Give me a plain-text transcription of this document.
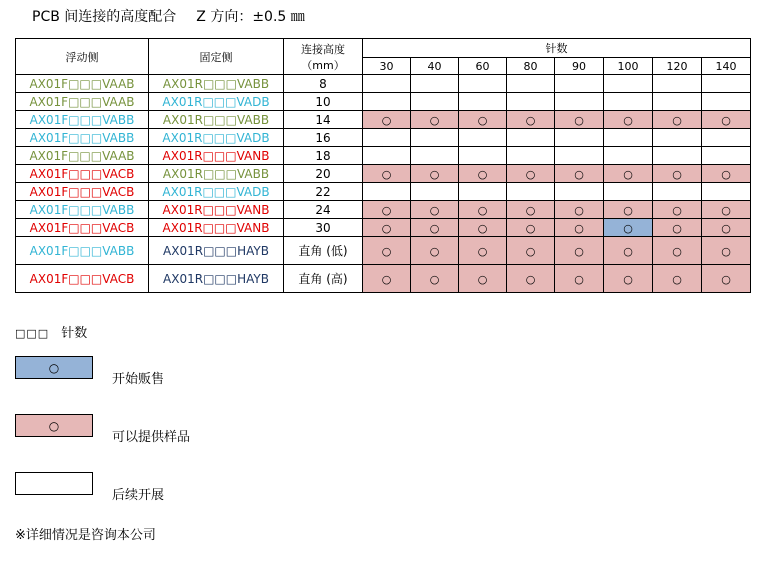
PCB 间连接的高度配合 Z 方向：±0.5 ㎜
浮动侧	固定侧	连接高度
（mm）	针数							
			30	40	60	80	90	100	120	140
AX01F□□□VAAB	AX01R□□□VABB	8								
AX01F□□□VAAB	AX01R□□□VADB	10								
AX01F□□□VABB	AX01R□□□VABB	14	○	○	○	○	○	○	○	○
AX01F□□□VABB	AX01R□□□VADB	16								
AX01F□□□VAAB	AX01R□□□VANB	18								
AX01F□□□VACB	AX01R□□□VABB	20	○	○	○	○	○	○	○	○
AX01F□□□VACB	AX01R□□□VADB	22								
AX01F□□□VABB	AX01R□□□VANB	24	○	○	○	○	○	○	○	○
AX01F□□□VACB	AX01R□□□VANB	30	○	○	○	○	○	○	○	○
AX01F□□□VABB	AX01R□□□HAYB	直角 (低)	○	○	○	○	○	○	○	○
AX01F□□□VACB	AX01R□□□HAYB	直角 (高)	○	○	○	○	○	○	○	○
□□□ 针数
○
开始贩售
○
可以提供样品
后续开展
※详细情况是咨询本公司
